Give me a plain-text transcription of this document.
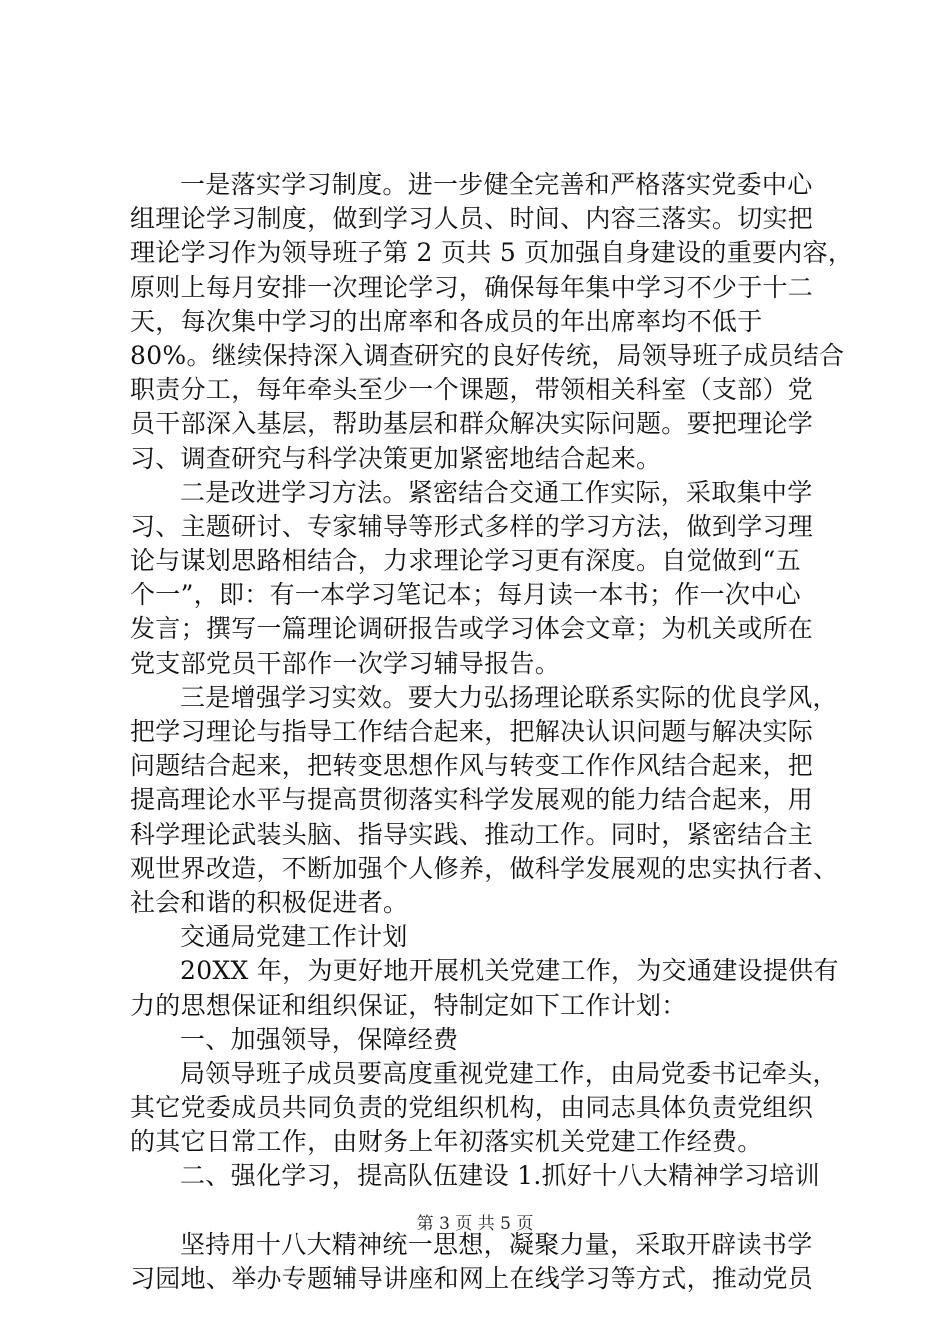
一是落实学习制度。进一步健全完善和严格落实党委中心
组理论学习制度，做到学习人员、时间、内容三落实。切实把
理论学习作为领导班子第 2 页共 5 页加强自身建设的重要内容，
原则上每月安排一次理论学习，确保每年集中学习不少于十二
天，每次集中学习的出席率和各成员的年出席率均不低于
80%。继续保持深入调查研究的良好传统，局领导班子成员结合
职责分工，每年牵头至少一个课题，带领相关科室（支部）党
员干部深入基层，帮助基层和群众解决实际问题。要把理论学
习、调查研究与科学决策更加紧密地结合起来。
二是改进学习方法。紧密结合交通工作实际，采取集中学
习、主题研讨、专家辅导等形式多样的学习方法，做到学习理
论与谋划思路相结合，力求理论学习更有深度。自觉做到“五
个一”，即：有一本学习笔记本；每月读一本书；作一次中心
发言；撰写一篇理论调研报告或学习体会文章；为机关或所在
党支部党员干部作一次学习辅导报告。
三是增强学习实效。要大力弘扬理论联系实际的优良学风，
把学习理论与指导工作结合起来，把解决认识问题与解决实际
问题结合起来，把转变思想作风与转变工作作风结合起来，把
提高理论水平与提高贯彻落实科学发展观的能力结合起来，用
科学理论武装头脑、指导实践、推动工作。同时，紧密结合主
观世界改造，不断加强个人修养，做科学发展观的忠实执行者、
社会和谐的积极促进者。
交通局党建工作计划
20XX 年，为更好地开展机关党建工作，为交通建设提供有
力的思想保证和组织保证，特制定如下工作计划：
一、加强领导，保障经费
局领导班子成员要高度重视党建工作，由局党委书记牵头，
其它党委成员共同负责的党组织机构，由同志具体负责党组织
的其它日常工作，由财务上年初落实机关党建工作经费。
二、强化学习，提高队伍建设 1.抓好十八大精神学习培训
坚持用十八大精神统一思想，凝聚力量，采取开辟读书学
习园地、举办专题辅导讲座和网上在线学习等方式，推动党员
第 3 页 共 5 页
